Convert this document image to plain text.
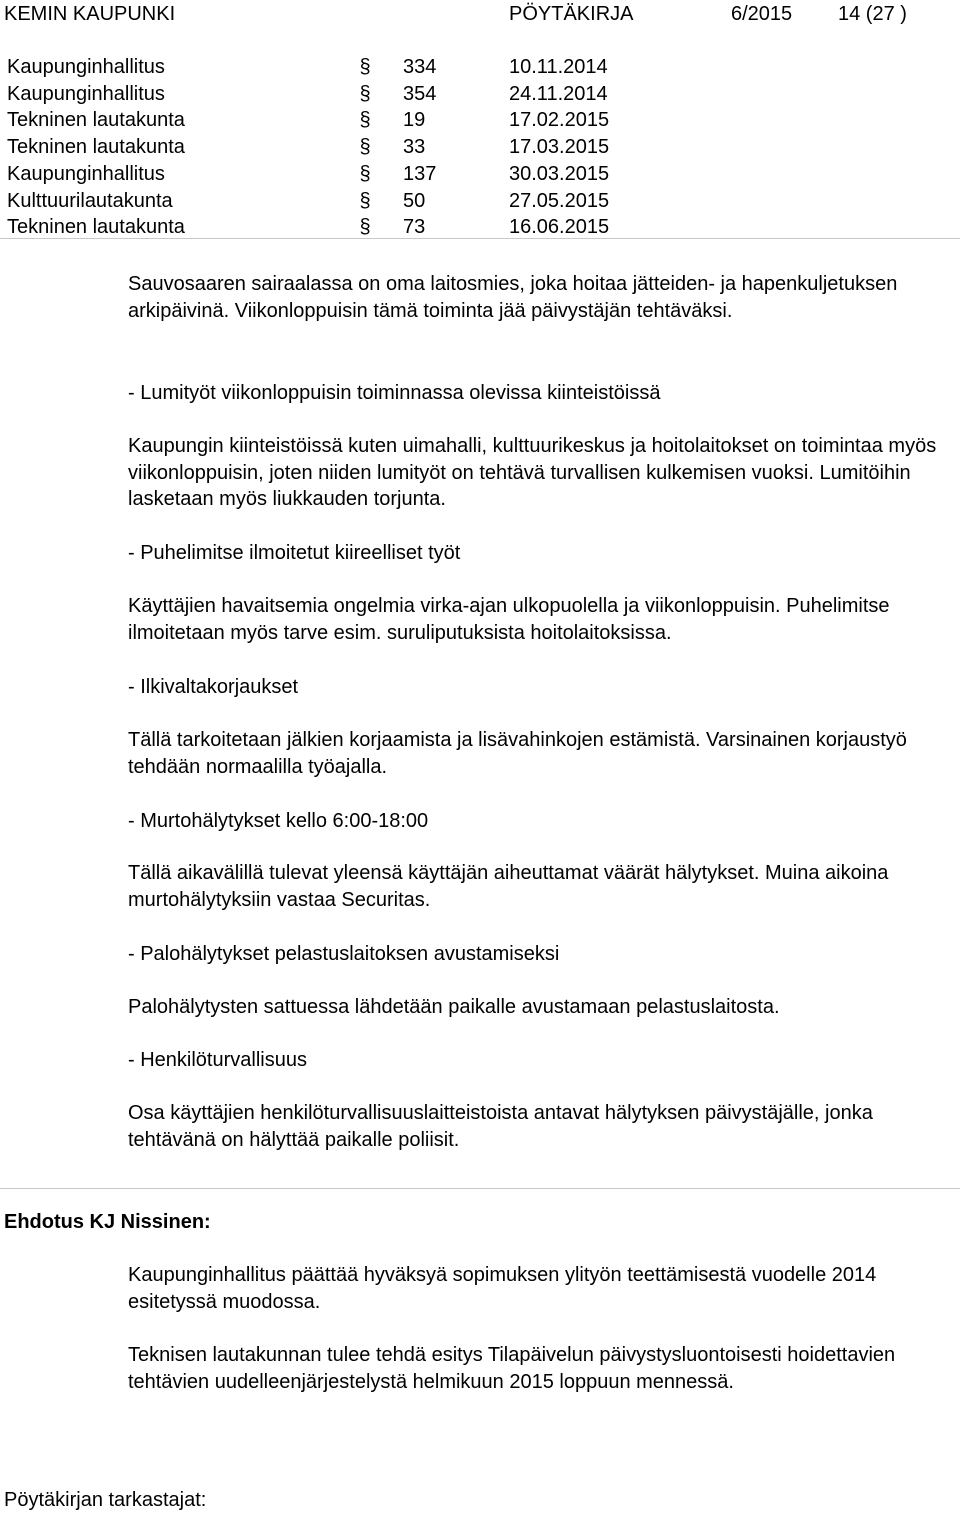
KEMIN KAUPUNKI	PÖYTÄKIRJA	6/2015 14 (27 )
Kaupunginhallitus	§ 334	10.11.2014
Kaupunginhallitus	§ 354	24.11.2014
Tekninen lautakunta	§ 19	17.02.2015
Tekninen lautakunta	§ 33	17.03.2015
Kaupunginhallitus	§ 137	30.03.2015
Kulttuurilautakunta	§ 50	27.05.2015
Tekninen lautakunta	§ 73	16.06.2015
Sauvosaaren sairaalassa on oma laitosmies, joka hoitaa jätteiden- ja hapenkuljetuksen arkipäivinä. Viikonloppuisin tämä toiminta jää päivystäjän tehtäväksi.
- Lumityöt viikonloppuisin toiminnassa olevissa kiinteistöissä
Kaupungin kiinteistöissä kuten uimahalli, kulttuurikeskus ja hoitolaitokset on toimintaa myös viikonloppuisin, joten niiden lumityöt on tehtävä turvallisen kulkemisen vuoksi. Lumitöihin lasketaan myös liukkauden torjunta.
- Puhelimitse ilmoitetut kiireelliset työt
Käyttäjien havaitsemia ongelmia virka-ajan ulkopuolella ja viikonloppuisin. Puhelimitse ilmoitetaan myös tarve esim. suruliputuksista hoitolaitoksissa.
- Ilkivaltakorjaukset
Tällä tarkoitetaan jälkien korjaamista ja lisävahinkojen estämistä. Varsinainen korjaustyö tehdään normaalilla työajalla.
- Murtohälytykset kello 6:00-18:00
Tällä aikavälillä tulevat yleensä käyttäjän aiheuttamat väärät hälytykset. Muina aikoina murtohälytyksiin vastaa Securitas.
- Palohälytykset pelastuslaitoksen avustamiseksi
Palohälytysten sattuessa lähdetään paikalle avustamaan pelastuslaitosta.
- Henkilöturvallisuus
Osa käyttäjien henkilöturvallisuuslaitteistoista antavat hälytyksen päivystäjälle, jonka tehtävänä on hälyttää paikalle poliisit.
Ehdotus KJ Nissinen:
Kaupunginhallitus päättää hyväksyä sopimuksen ylityön teettämisestä vuodelle 2014 esitetyssä muodossa.
Teknisen lautakunnan tulee tehdä esitys Tilapäivelun päivystysluontoisesti hoidettavien tehtävien uudelleenjärjestelystä helmikuun 2015 loppuun mennessä.
Pöytäkirjan tarkastajat:
